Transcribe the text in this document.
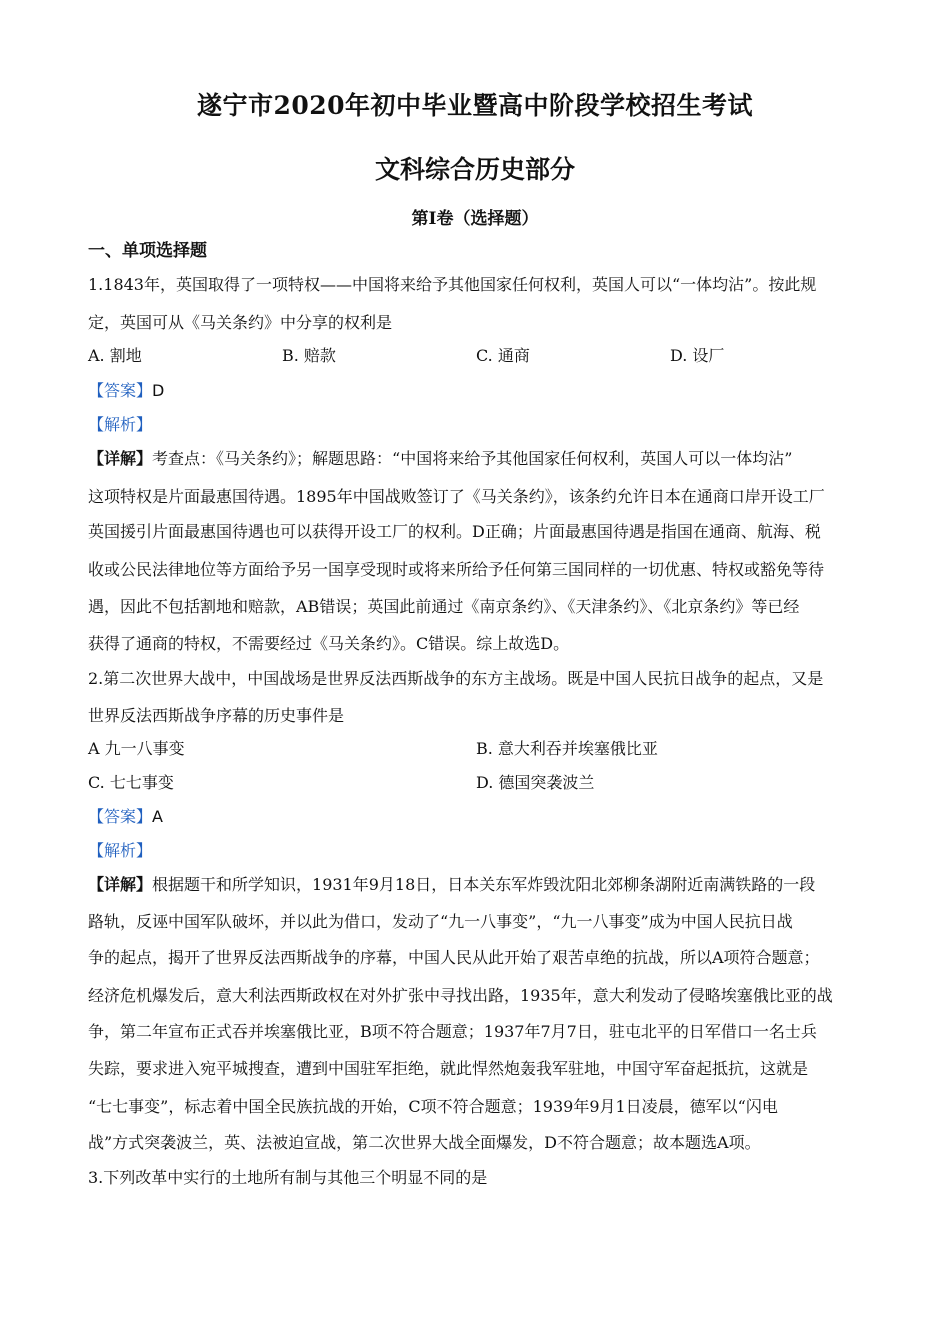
遂宁市2020年初中毕业暨高中阶段学校招生考试
文科综合历史部分
第Ⅰ卷（选择题）
一、单项选择题
1.1843年，英国取得了一项特权——中国将来给予其他国家任何权利，英国人可以“一体均沾”。按此规
定，英国可从《马关条约》中分享的权利是
A. 割地	B. 赔款	C. 通商	D. 设厂
【答案】D
【解析】
【详解】考查点：《马关条约》；解题思路：“中国将来给予其他国家任何权利，英国人可以一体均沾”
这项特权是片面最惠国待遇。1895年中国战败签订了《马关条约》，该条约允许日本在通商口岸开设工厂
英国援引片面最惠国待遇也可以获得开设工厂的权利。D正确；片面最惠国待遇是指国在通商、航海、税
收或公民法律地位等方面给予另一国享受现时或将来所给予任何第三国同样的一切优惠、特权或豁免等待
遇，因此不包括割地和赔款，AB错误；英国此前通过《南京条约》、《天津条约》、《北京条约》等已经
获得了通商的特权，不需要经过《马关条约》。C错误。综上故选D。
2.第二次世界大战中，中国战场是世界反法西斯战争的东方主战场。既是中国人民抗日战争的起点，又是
世界反法西斯战争序幕的历史事件是
A 九一八事变	B. 意大利吞并埃塞俄比亚
C. 七七事变	D. 德国突袭波兰
【答案】A
【解析】
【详解】根据题干和所学知识，1931年9月18日，日本关东军炸毁沈阳北郊柳条湖附近南满铁路的一段
路轨，反诬中国军队破坏，并以此为借口，发动了“九一八事变”，“九一八事变”成为中国人民抗日战
争的起点，揭开了世界反法西斯战争的序幕，中国人民从此开始了艰苦卓绝的抗战，所以A项符合题意；
经济危机爆发后，意大利法西斯政权在对外扩张中寻找出路，1935年，意大利发动了侵略埃塞俄比亚的战
争，第二年宣布正式吞并埃塞俄比亚，B项不符合题意；1937年7月7日，驻屯北平的日军借口一名士兵
失踪，要求进入宛平城搜查，遭到中国驻军拒绝，就此悍然炮轰我军驻地，中国守军奋起抵抗，这就是
“七七事变”，标志着中国全民族抗战的开始，C项不符合题意；1939年9月1日凌晨，德军以“闪电
战”方式突袭波兰，英、法被迫宣战，第二次世界大战全面爆发，D不符合题意；故本题选A项。
3.下列改革中实行的土地所有制与其他三个明显不同的是
